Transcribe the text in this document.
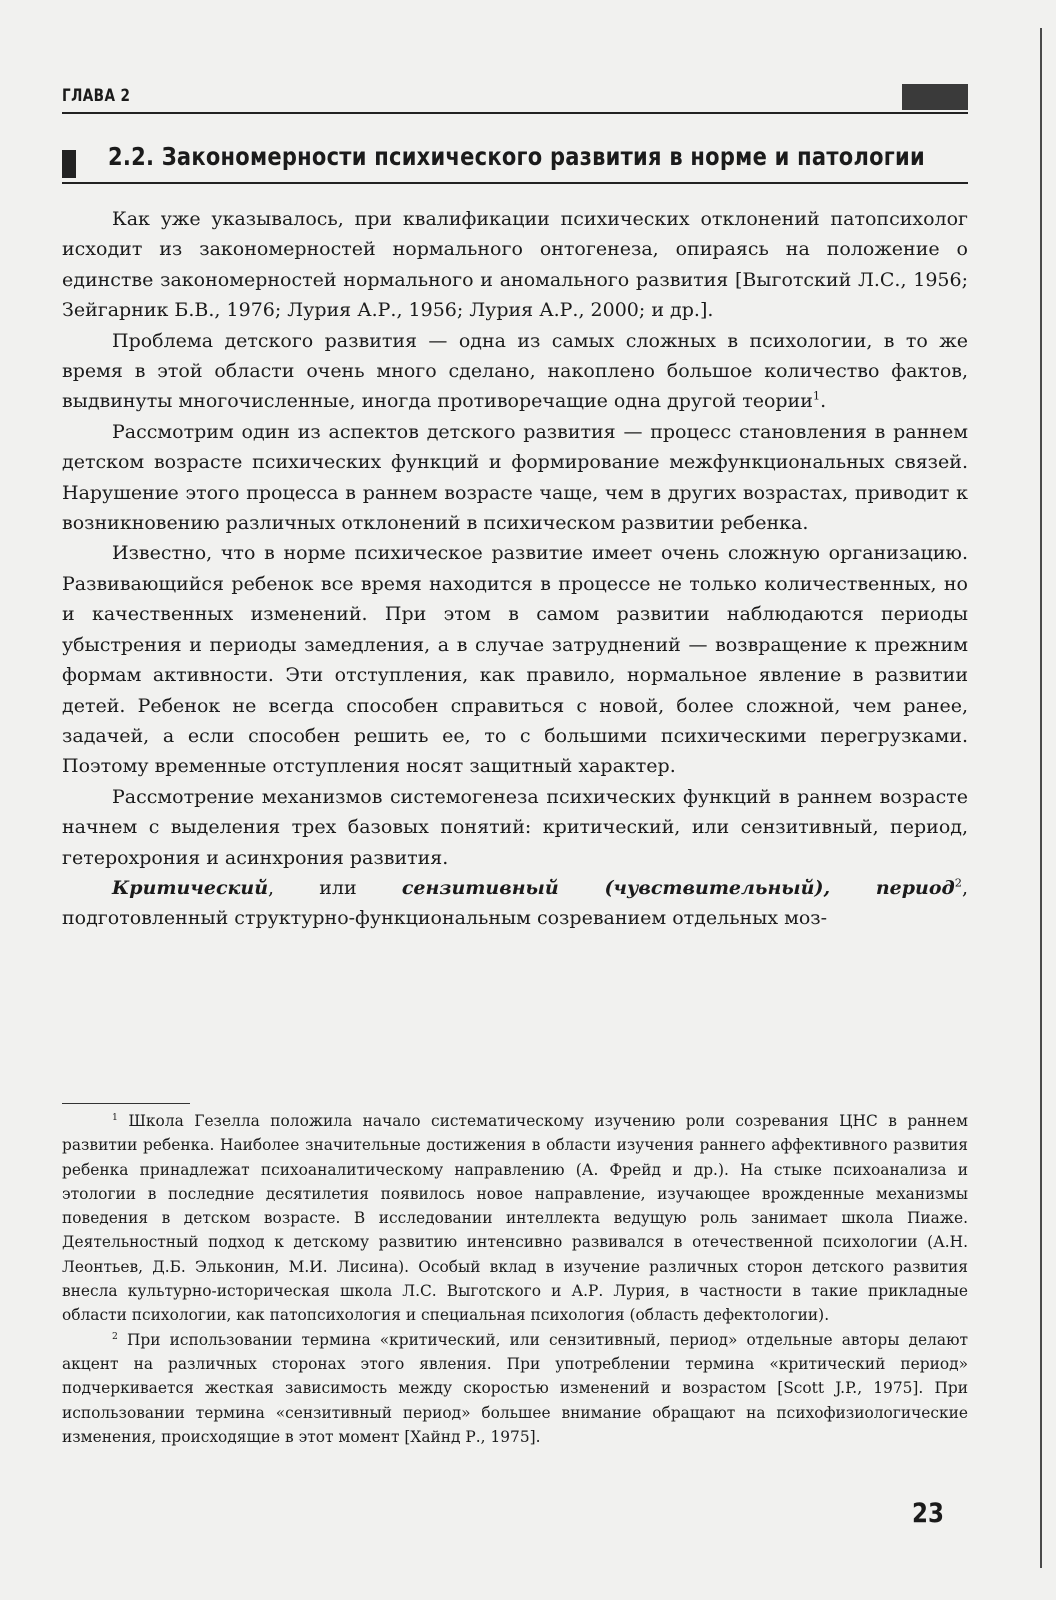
ГЛАВА 2
2.2. Закономерности психического развития в норме и патологии

Как уже указывалось, при квалификации психических отклонений патопсихолог исходит из закономерностей нормального онтогенеза, опираясь на положение о единстве закономерностей нормального и аномального развития [Выготский Л.С., 1956; Зейгарник Б.В., 1976; Лурия А.Р., 1956; Лурия А.Р., 2000; и др.].

Проблема детского развития — одна из самых сложных в психологии, в то же время в этой области очень много сделано, накоплено большое количество фактов, выдвинуты многочисленные, иногда противоречащие одна другой теории$^1$.

Рассмотрим один из аспектов детского развития — процесс становления в раннем детском возрасте психических функций и формирование межфункциональных связей. Нарушение этого процесса в раннем возрасте чаще, чем в других возрастах, приводит к возникновению различных отклонений в психическом развитии ребенка.

Известно, что в норме психическое развитие имеет очень сложную организацию. Развивающийся ребенок все время находится в процессе не только количественных, но и качественных изменений. При этом в самом развитии наблюдаются периоды убыстрения и периоды замедления, а в случае затруднений — возвращение к прежним формам активности. Эти отступления, как правило, нормальное явление в развитии детей. Ребенок не всегда способен справиться с новой, более сложной, чем ранее, задачей, а если способен решить ее, то с большими психическими перегрузками. Поэтому временные отступления носят защитный характер.

Рассмотрение механизмов системогенеза психических функций в раннем возрасте начнем с выделения трех базовых понятий: критический, или сензитивный, период, гетерохрония и асинхрония развития.

Критический, или сензитивный (чувствительный), период$^2$, подготовленный структурно-функциональным созреванием отдельных моз-

$^1$ Школа Гезелла положила начало систематическому изучению роли созревания ЦНС в раннем развитии ребенка. Наиболее значительные достижения в области изучения раннего аффективного развития ребенка принадлежат психоаналитическому направлению (А. Фрейд и др.). На стыке психоанализа и этологии в последние десятилетия появилось новое направление, изучающее врожденные механизмы поведения в детском возрасте. В исследовании интеллекта ведущую роль занимает школа Пиаже. Деятельностный подход к детскому развитию интенсивно развивался в отечественной психологии (А.Н. Леонтьев, Д.Б. Эльконин, М.И. Лисина). Особый вклад в изучение различных сторон детского развития внесла культурно-историческая школа Л.С. Выготского и А.Р. Лурия, в частности в такие прикладные области психологии, как патопсихология и специальная психология (область дефектологии).

$^2$ При использовании термина «критический, или сензитивный, период» отдельные авторы делают акцент на различных сторонах этого явления. При употреблении термина «критический период» подчеркивается жесткая зависимость между скоростью изменений и возрастом [Scott J.P., 1975]. При использовании термина «сензитивный период» большее внимание обращают на психофизиологические изменения, происходящие в этот момент [Хайнд Р., 1975].

23
